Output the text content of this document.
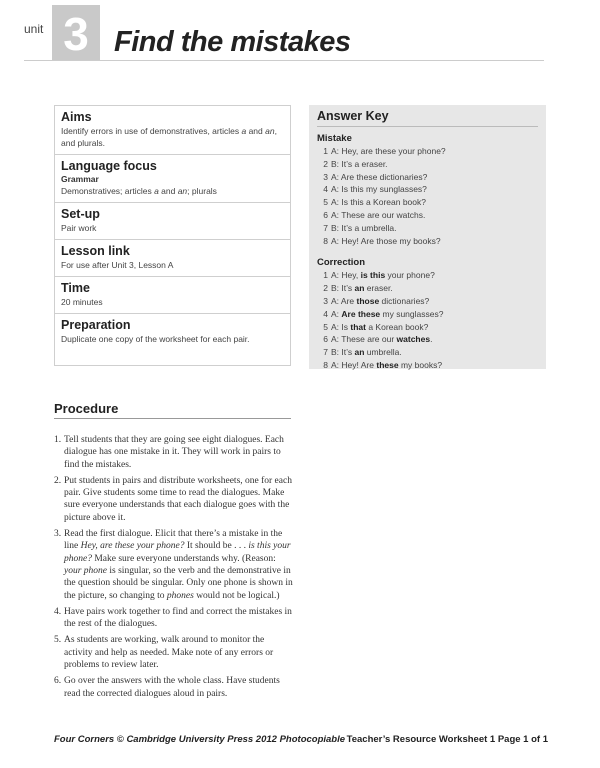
unit 3 Find the mistakes
Aims
Identify errors in use of demonstratives, articles a and an, and plurals.
Language focus
Grammar
Demonstratives; articles a and an; plurals
Set-up
Pair work
Lesson link
For use after Unit 3, Lesson A
Time
20 minutes
Preparation
Duplicate one copy of the worksheet for each pair.
Answer Key
Mistake
1 A: Hey, are these your phone?
2 B: It’s a eraser.
3 A: Are these dictionaries?
4 A: Is this my sunglasses?
5 A: Is this a Korean book?
6 A: These are our watchs.
7 B: It’s a umbrella.
8 A: Hey! Are those my books?
Correction
1 A: Hey, is this your phone?
2 B: It’s an eraser.
3 A: Are those dictionaries?
4 A: Are these my sunglasses?
5 A: Is that a Korean book?
6 A: These are our watches.
7 B: It’s an umbrella.
8 A: Hey! Are these my books?
Procedure
1. Tell students that they are going see eight dialogues. Each dialogue has one mistake in it. They will work in pairs to find the mistakes.
2. Put students in pairs and distribute worksheets, one for each pair. Give students some time to read the dialogues. Make sure everyone understands that each dialogue goes with the picture above it.
3. Read the first dialogue. Elicit that there’s a mistake in the line Hey, are these your phone? It should be . . . is this your phone? Make sure everyone understands why. (Reason: your phone is singular, so the verb and the demonstrative in the question should be singular. Only one phone is shown in the picture, so changing to phones would not be logical.)
4. Have pairs work together to find and correct the mistakes in the rest of the dialogues.
5. As students are working, walk around to monitor the activity and help as needed. Make note of any errors or problems to review later.
6. Go over the answers with the whole class. Have students read the corrected dialogues aloud in pairs.
Four Corners © Cambridge University Press 2012 Photocopiable Teacher’s Resource Worksheet 1 Page 1 of 1
